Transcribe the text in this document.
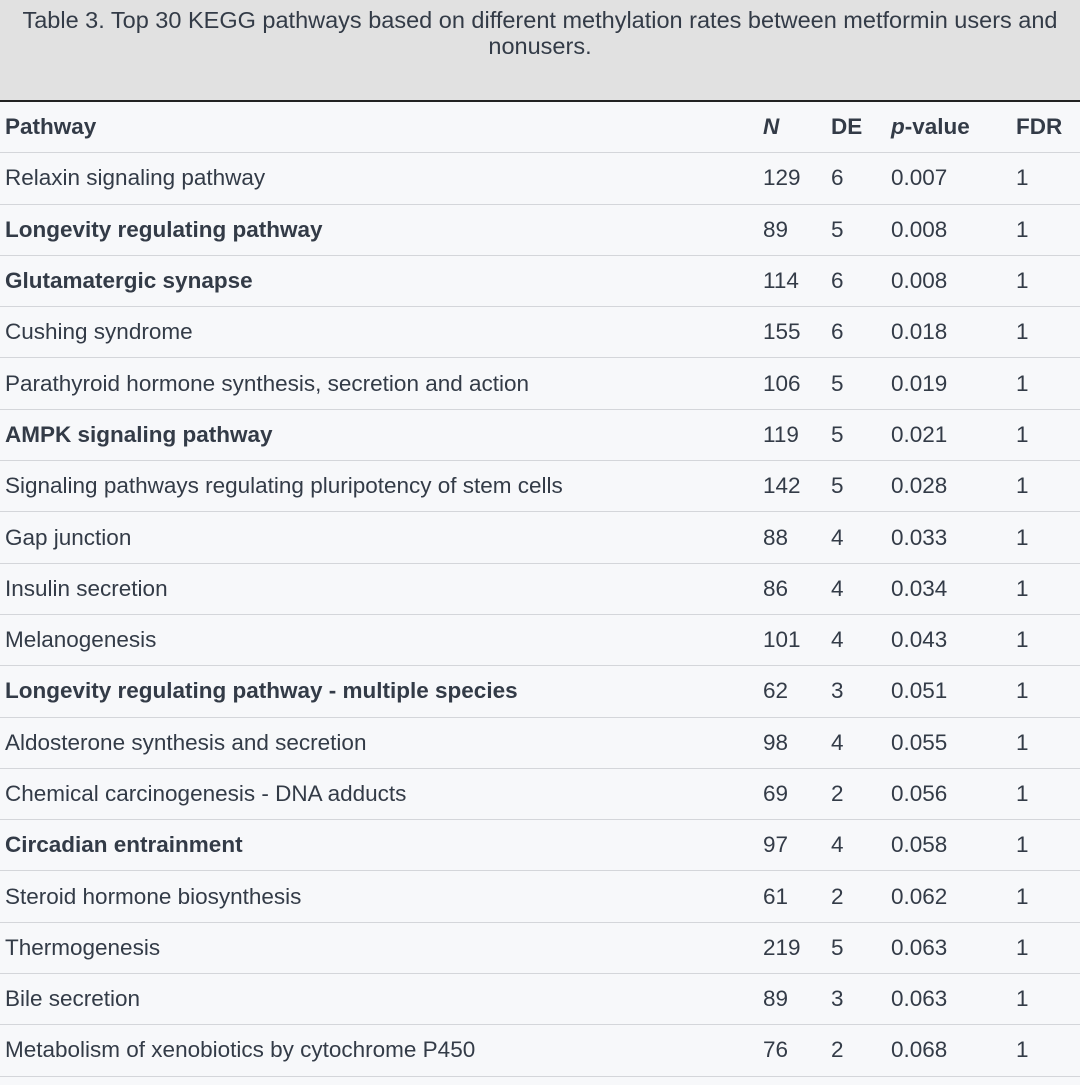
Table 3. Top 30 KEGG pathways based on different methylation rates between metformin users and nonusers.
Pathway	N	DE	p-value	FDR
Relaxin signaling pathway	129	6	0.007	1
Longevity regulating pathway	89	5	0.008	1
Glutamatergic synapse	114	6	0.008	1
Cushing syndrome	155	6	0.018	1
Parathyroid hormone synthesis, secretion and action	106	5	0.019	1
AMPK signaling pathway	119	5	0.021	1
Signaling pathways regulating pluripotency of stem cells	142	5	0.028	1
Gap junction	88	4	0.033	1
Insulin secretion	86	4	0.034	1
Melanogenesis	101	4	0.043	1
Longevity regulating pathway - multiple species	62	3	0.051	1
Aldosterone synthesis and secretion	98	4	0.055	1
Chemical carcinogenesis - DNA adducts	69	2	0.056	1
Circadian entrainment	97	4	0.058	1
Steroid hormone biosynthesis	61	2	0.062	1
Thermogenesis	219	5	0.063	1
Bile secretion	89	3	0.063	1
Metabolism of xenobiotics by cytochrome P450	76	2	0.068	1
